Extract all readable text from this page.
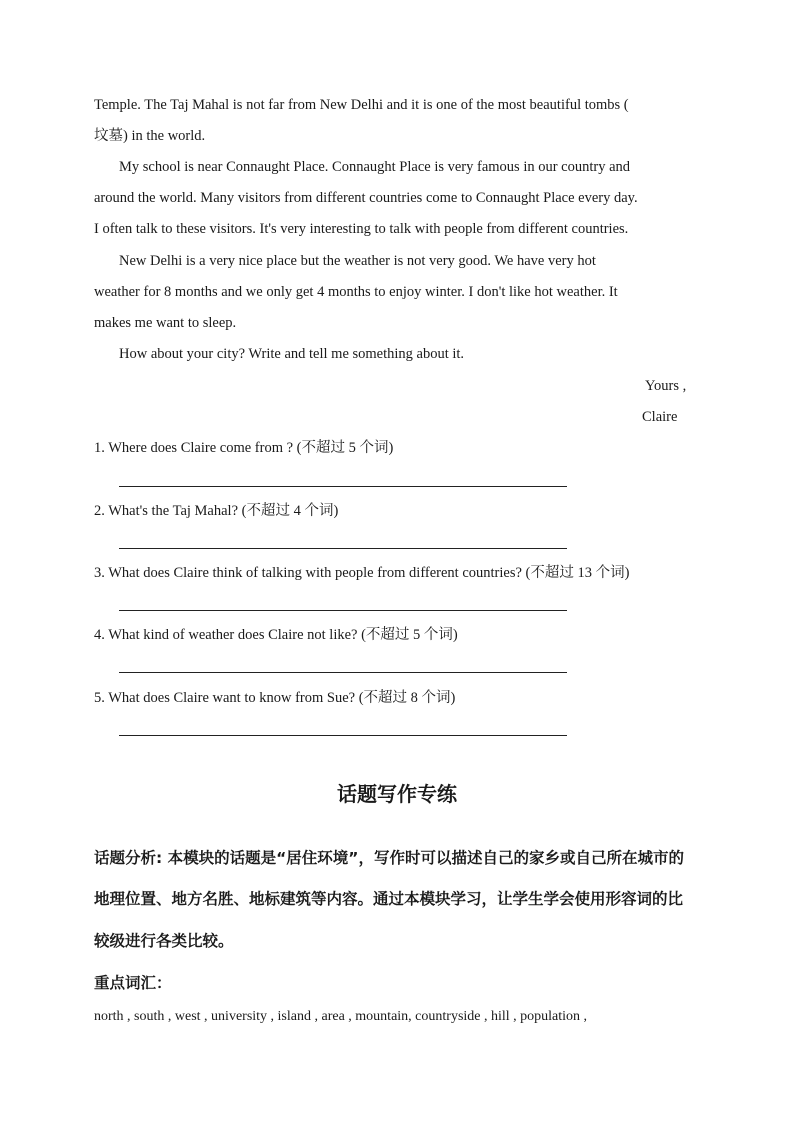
Temple. The Taj Mahal is not far from New Delhi and it is one of the most beautiful tombs (
坟墓) in the world.
My school is near Connaught Place. Connaught Place is very famous in our country and
around the world. Many visitors from different countries come to Connaught Place every day.
I often talk to these visitors. It's very interesting to talk with people from different countries.
New Delhi is a very nice place but the weather is not very good. We have very hot
weather for 8 months and we only get 4 months to enjoy winter. I don't like hot weather. It
makes me want to sleep.
How about your city? Write and tell me something about it.
Yours ,
Claire
1. Where does Claire come from ? (不超过 5 个词)
2. What's the Taj Mahal? (不超过 4 个词)
3. What does Claire think of talking with people from different countries? (不超过 13 个词)
4. What kind of weather does Claire not like? (不超过 5 个词)
5. What does Claire want to know from Sue? (不超过 8 个词)
话题写作专练
话题分析: 本模块的话题是“居住环境”，写作时可以描述自己的家乡或自己所在城市的
地理位置、地方名胜、地标建筑等内容。通过本模块学习，让学生学会使用形容词的比
较级进行各类比较。
重点词汇：
north , south , west , university , island , area , mountain, countryside , hill , population ,
